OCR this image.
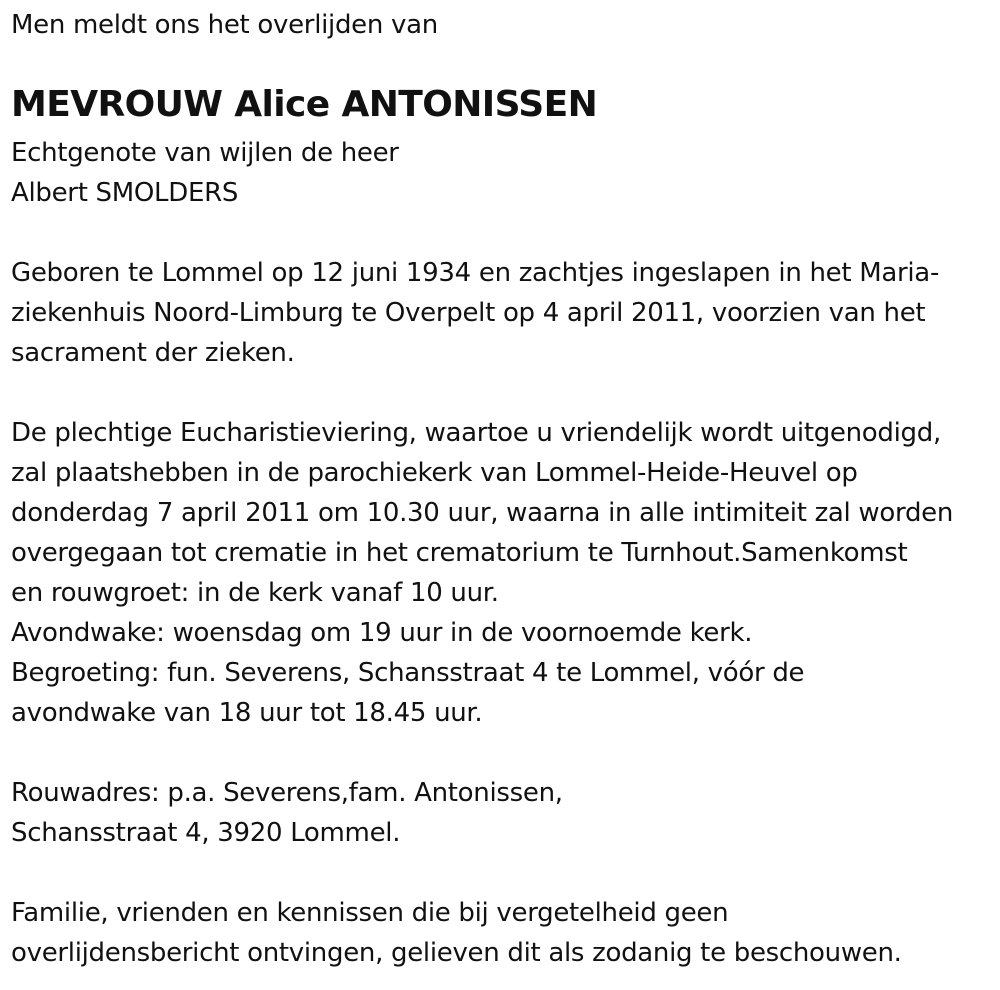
Men meldt ons het overlijden van
MEVROUW Alice ANTONISSEN
Echtgenote van wijlen de heer
Albert SMOLDERS
Geboren te Lommel op 12 juni 1934 en zachtjes ingeslapen in het Maria-
ziekenhuis Noord-Limburg te Overpelt op 4 april 2011, voorzien van het
sacrament der zieken.
De plechtige Eucharistieviering, waartoe u vriendelijk wordt uitgenodigd,
zal plaatshebben in de parochiekerk van Lommel-Heide-Heuvel op
donderdag 7 april 2011 om 10.30 uur, waarna in alle intimiteit zal worden
overgegaan tot crematie in het crematorium te Turnhout.Samenkomst
en rouwgroet: in de kerk vanaf 10 uur.
Avondwake: woensdag om 19 uur in de voornoemde kerk.
Begroeting: fun. Severens, Schansstraat 4 te Lommel, vóór de
avondwake van 18 uur tot 18.45 uur.
Rouwadres: p.a. Severens,fam. Antonissen,
Schansstraat 4, 3920 Lommel.
Familie, vrienden en kennissen die bij vergetelheid geen
overlijdensbericht ontvingen, gelieven dit als zodanig te beschouwen.
